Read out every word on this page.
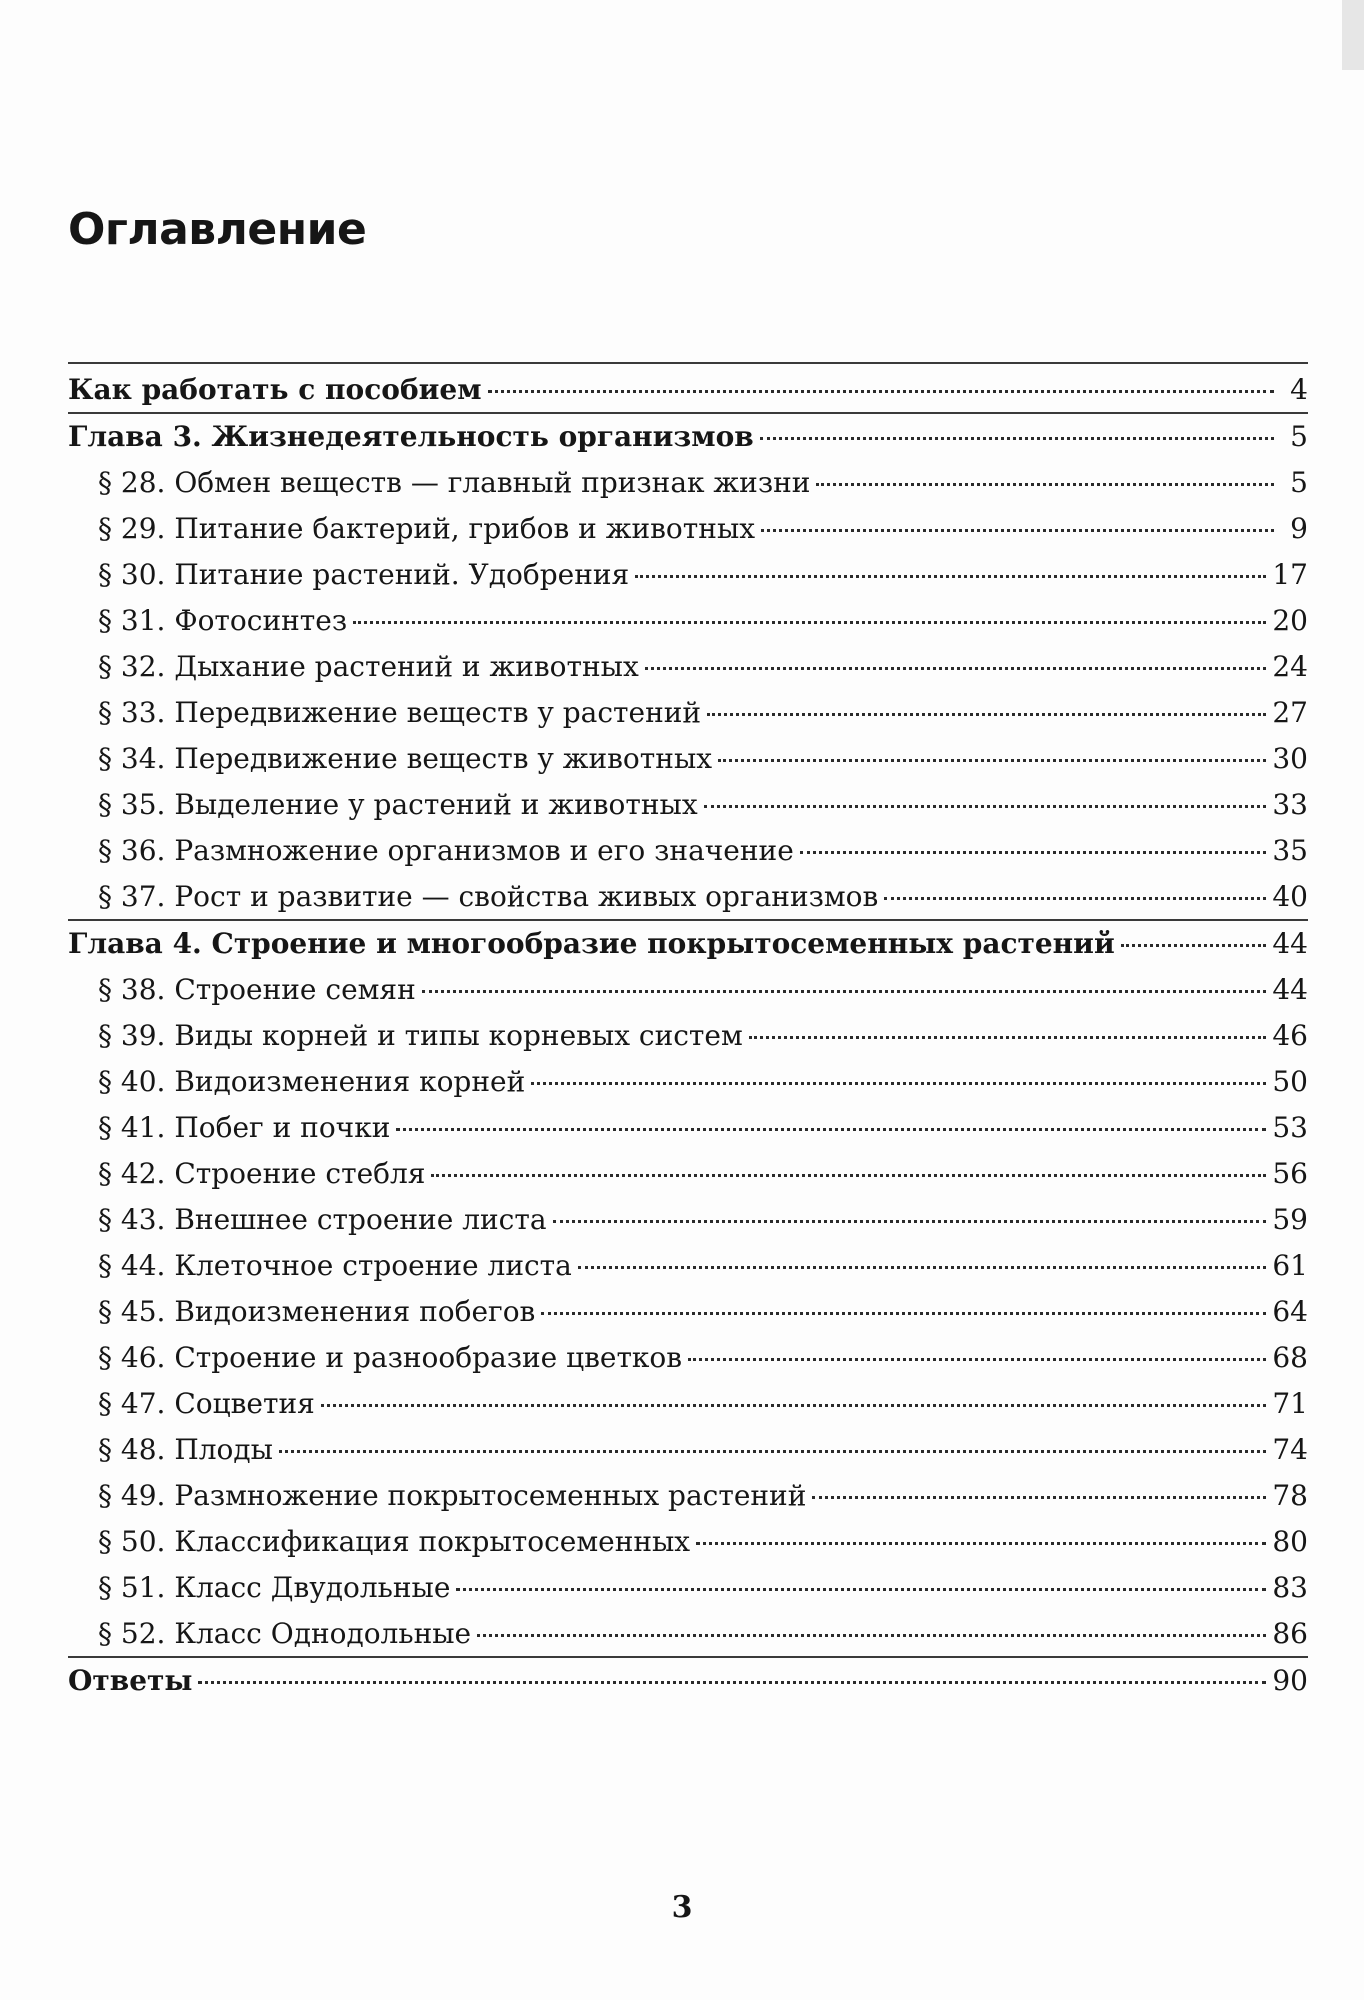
Оглавление
Как работать с пособием	4
Глава 3. Жизнедеятельность организмов	5
§ 28. Обмен веществ — главный признак жизни	5
§ 29. Питание бактерий, грибов и животных	9
§ 30. Питание растений. Удобрения	17
§ 31. Фотосинтез	20
§ 32. Дыхание растений и животных	24
§ 33. Передвижение веществ у растений	27
§ 34. Передвижение веществ у животных	30
§ 35. Выделение у растений и животных	33
§ 36. Размножение организмов и его значение	35
§ 37. Рост и развитие — свойства живых организмов	40
Глава 4. Строение и многообразие покрытосеменных растений	44
§ 38. Строение семян	44
§ 39. Виды корней и типы корневых систем	46
§ 40. Видоизменения корней	50
§ 41. Побег и почки	53
§ 42. Строение стебля	56
§ 43. Внешнее строение листа	59
§ 44. Клеточное строение листа	61
§ 45. Видоизменения побегов	64
§ 46. Строение и разнообразие цветков	68
§ 47. Соцветия	71
§ 48. Плоды	74
§ 49. Размножение покрытосеменных растений	78
§ 50. Классификация покрытосеменных	80
§ 51. Класс Двудольные	83
§ 52. Класс Однодольные	86
Ответы	90
3
